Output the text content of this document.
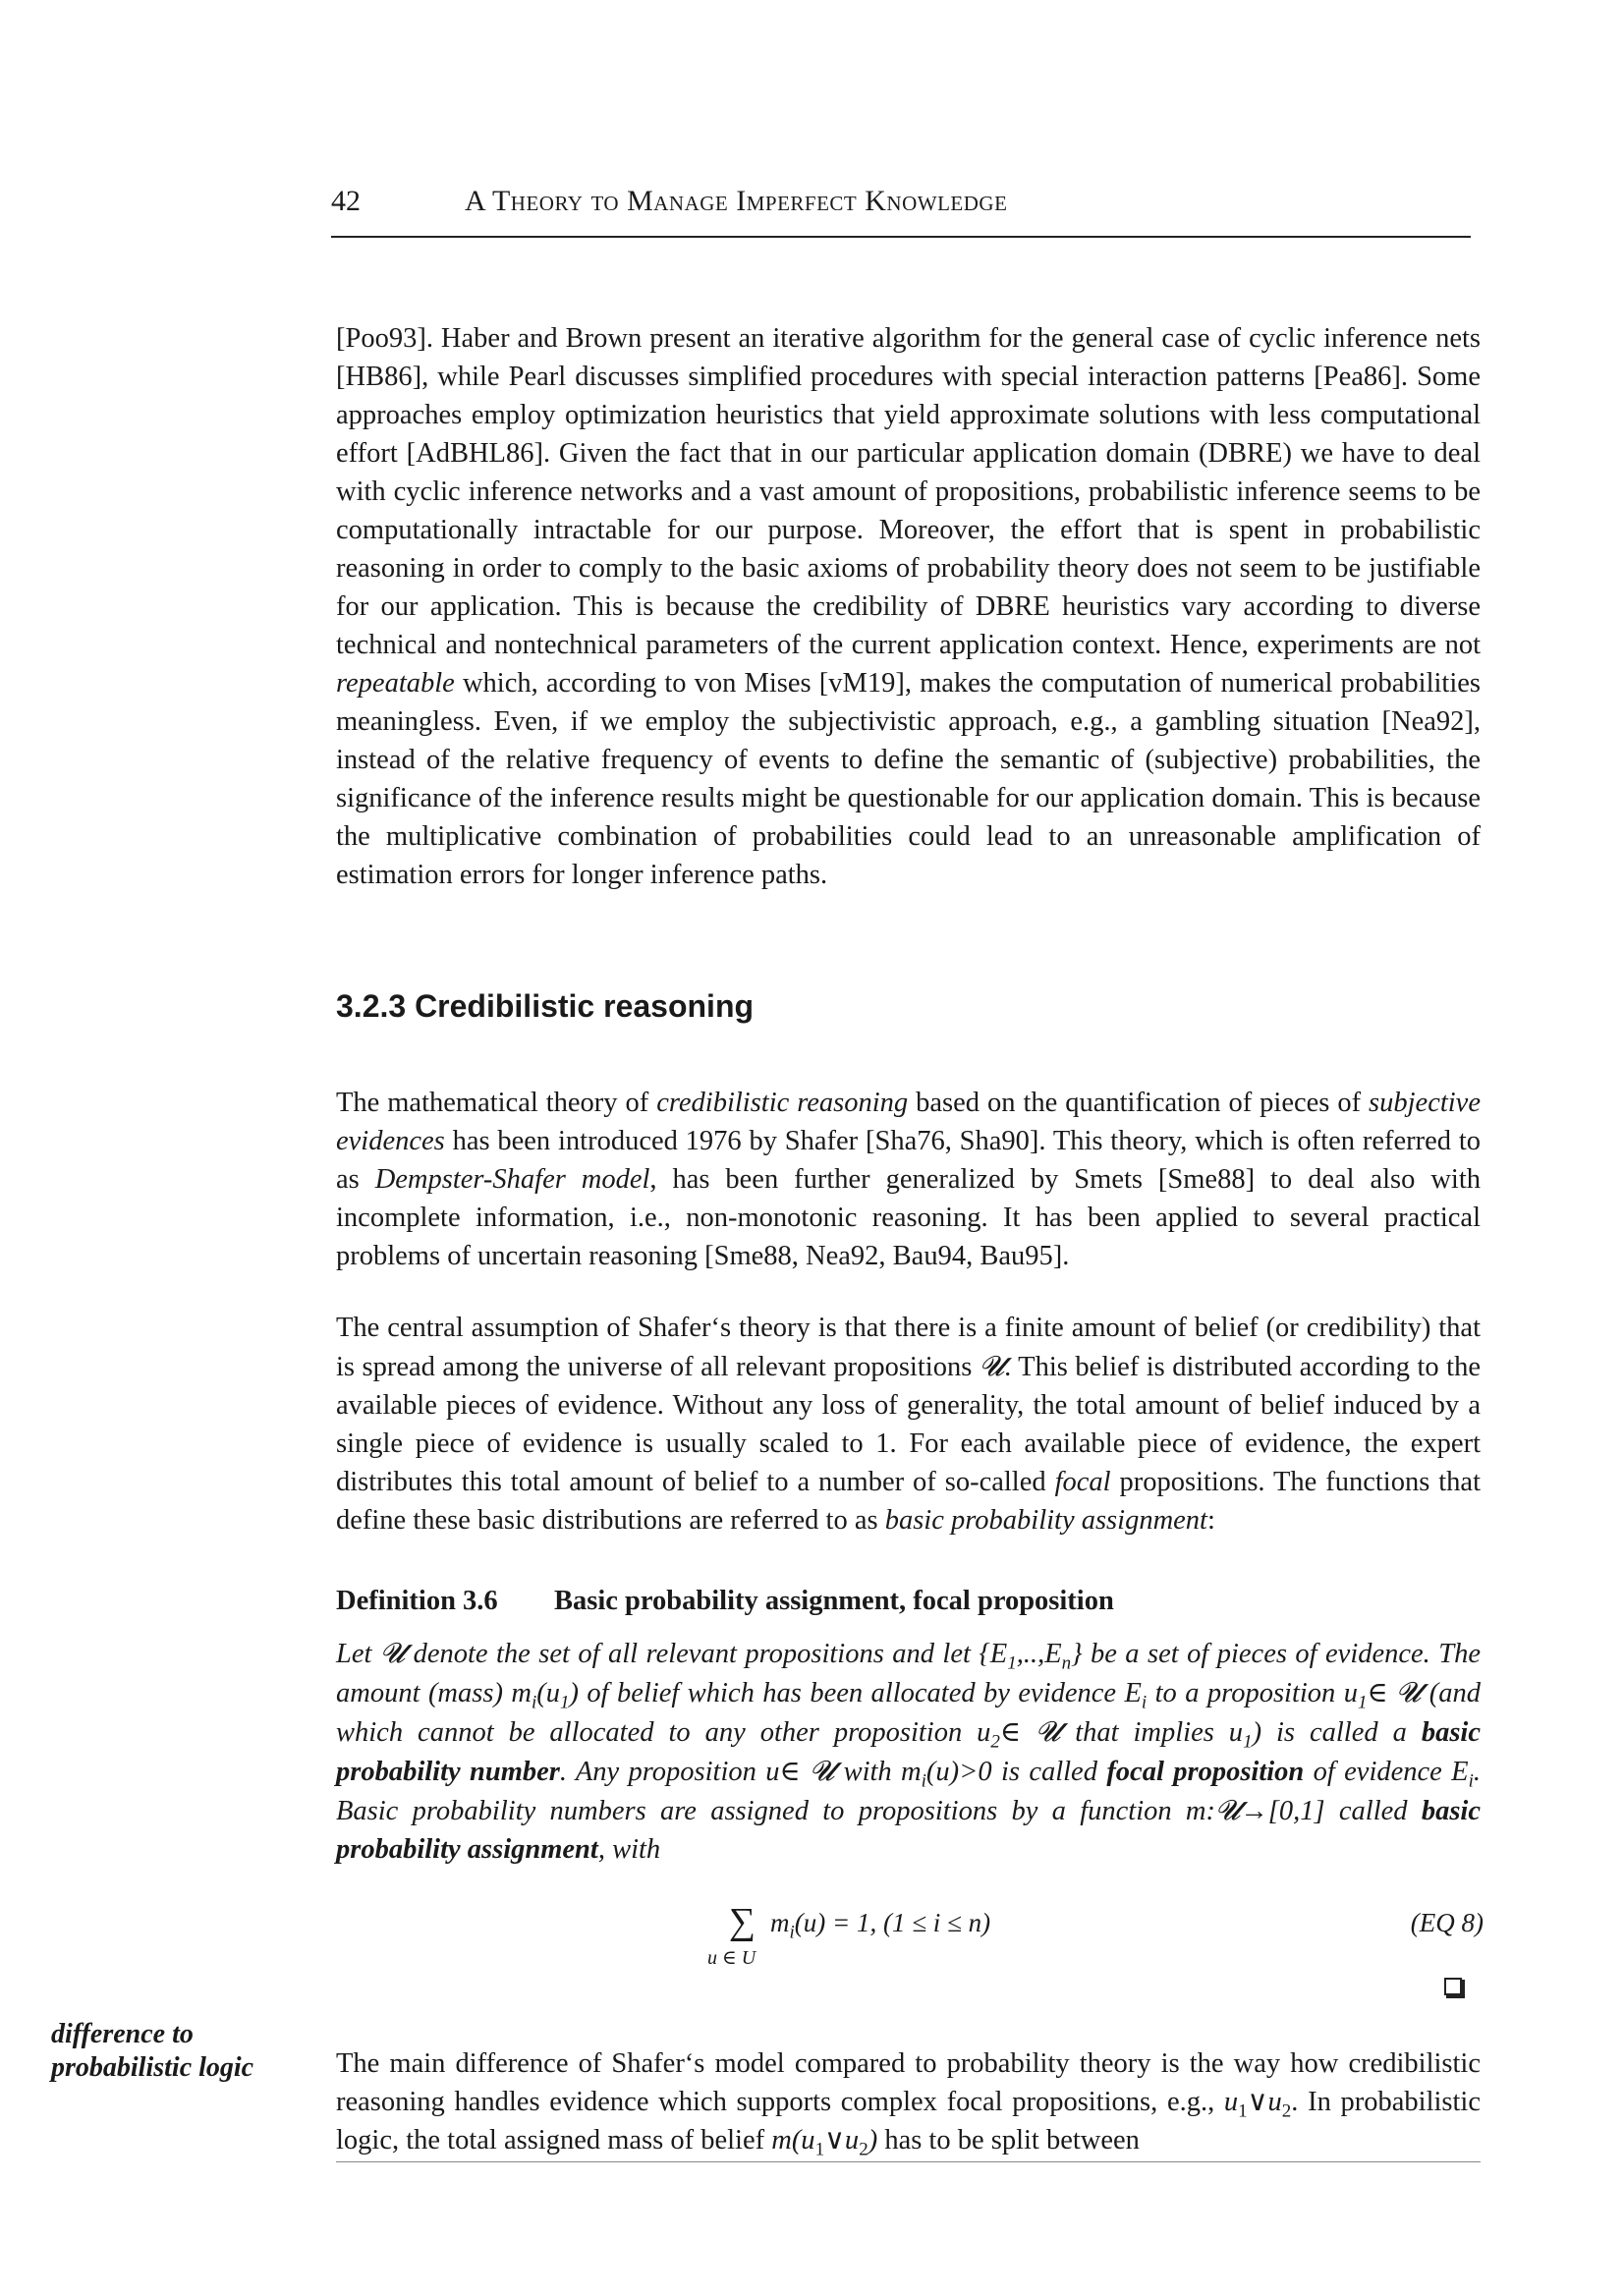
42	A Theory to Manage Imperfect Knowledge

[Poo93]. Haber and Brown present an iterative algorithm for the general case of cyclic inference nets [HB86], while Pearl discusses simplified procedures with special interaction patterns [Pea86]. Some approaches employ optimization heuristics that yield approximate solutions with less computational effort [AdBHL86]. Given the fact that in our particular application domain (DBRE) we have to deal with cyclic inference networks and a vast amount of propositions, probabilistic inference seems to be computationally intractable for our purpose. Moreover, the effort that is spent in probabilistic reasoning in order to comply to the basic axioms of probability theory does not seem to be justifiable for our application. This is because the credibility of DBRE heuristics vary according to diverse technical and nontechnical parameters of the current application context. Hence, experiments are not repeatable which, according to von Mises [vM19], makes the computation of numerical probabilities meaningless. Even, if we employ the subjectivistic approach, e.g., a gambling situation [Nea92], instead of the relative frequency of events to define the semantic of (subjective) probabilities, the significance of the inference results might be questionable for our application domain. This is because the multiplicative combination of probabilities could lead to an unreasonable amplification of estimation errors for longer inference paths.

3.2.3 Credibilistic reasoning

The mathematical theory of credibilistic reasoning based on the quantification of pieces of subjective evidences has been introduced 1976 by Shafer [Sha76, Sha90]. This theory, which is often referred to as Dempster-Shafer model, has been further generalized by Smets [Sme88] to deal also with incomplete information, i.e., non-monotonic reasoning. It has been applied to several practical problems of uncertain reasoning [Sme88, Nea92, Bau94, Bau95].

The central assumption of Shafer‘s theory is that there is a finite amount of belief (or credibility) that is spread among the universe of all relevant propositions 𝓤. This belief is distributed according to the available pieces of evidence. Without any loss of generality, the total amount of belief induced by a single piece of evidence is usually scaled to 1. For each available piece of evidence, the expert distributes this total amount of belief to a number of so-called focal propositions. The functions that define these basic distributions are referred to as basic probability assignment:

Definition 3.6 Basic probability assignment, focal proposition
Let 𝓤 denote the set of all relevant propositions and let $\{E_1,..,E_n\}$ be a set of pieces of evidence. The amount (mass) $m_i(u_1)$ of belief which has been allocated by evidence $E_i$ to a proposition $u_1\in$ 𝓤 (and which cannot be allocated to any other proposition $u_2\in$ 𝓤 that implies $u_1$) is called a basic probability number. Any proposition u∈ 𝓤 with $m_i(u)>0$ is called focal proposition of evidence $E_i$. Basic probability numbers are assigned to propositions by a function m:𝓤→[0,1] called basic probability assignment, with
∑
u ∈ U
$m_i(u) = 1$, (1 ≤ i ≤ n)	(EQ 8)
difference to probabilistic logic	The main difference of Shafer‘s model compared to probability theory is the way how credibilistic reasoning handles evidence which supports complex focal propositions, e.g., $u_1\vee u_2$. In probabilistic logic, the total assigned mass of belief $m(u_1\vee u_2)$ has to be split between
